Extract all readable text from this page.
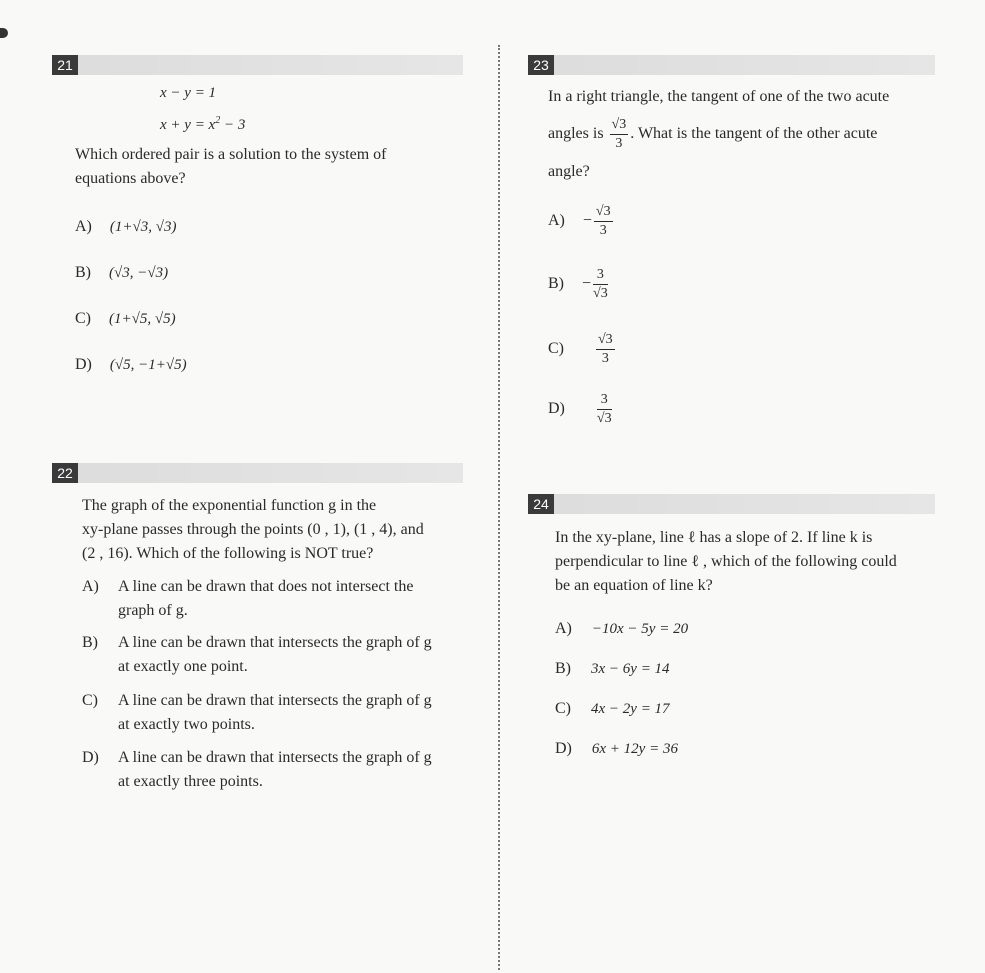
21
x − y = 1
$x + y = x^2 - 3$
Which ordered pair is a solution to the system of
equations above?
A) (1+√3, √3)
B) (√3, −√3)
C) (1+√5, √5)
D) (√5, −1+√5)
22
The graph of the exponential function g in the
xy-plane passes through the points (0 , 1), (1 , 4), and
(2 , 16). Which of the following is NOT true?
A) A line can be drawn that does not intersect the
graph of g.
B) A line can be drawn that intersects the graph of g
at exactly one point.
C) A line can be drawn that intersects the graph of g
at exactly two points.
D) A line can be drawn that intersects the graph of g
at exactly three points.
23
In a right triangle, the tangent of one of the two acute
angles is $\frac{√3}{3}$ . What is the tangent of the other acute
angle?
$A) - \frac{√3}{3}$
$B) - \frac{3}{√3}$
$C) \frac{√3}{3}$
$D) \frac{3}{√3}$
24
In the xy-plane, line ℓ has a slope of 2. If line k is
perpendicular to line ℓ , which of the following could
be an equation of line k?
A) −10x − 5y = 20
B) 3x − 6y = 14
C) 4x − 2y = 17
D) 6x + 12y = 36
